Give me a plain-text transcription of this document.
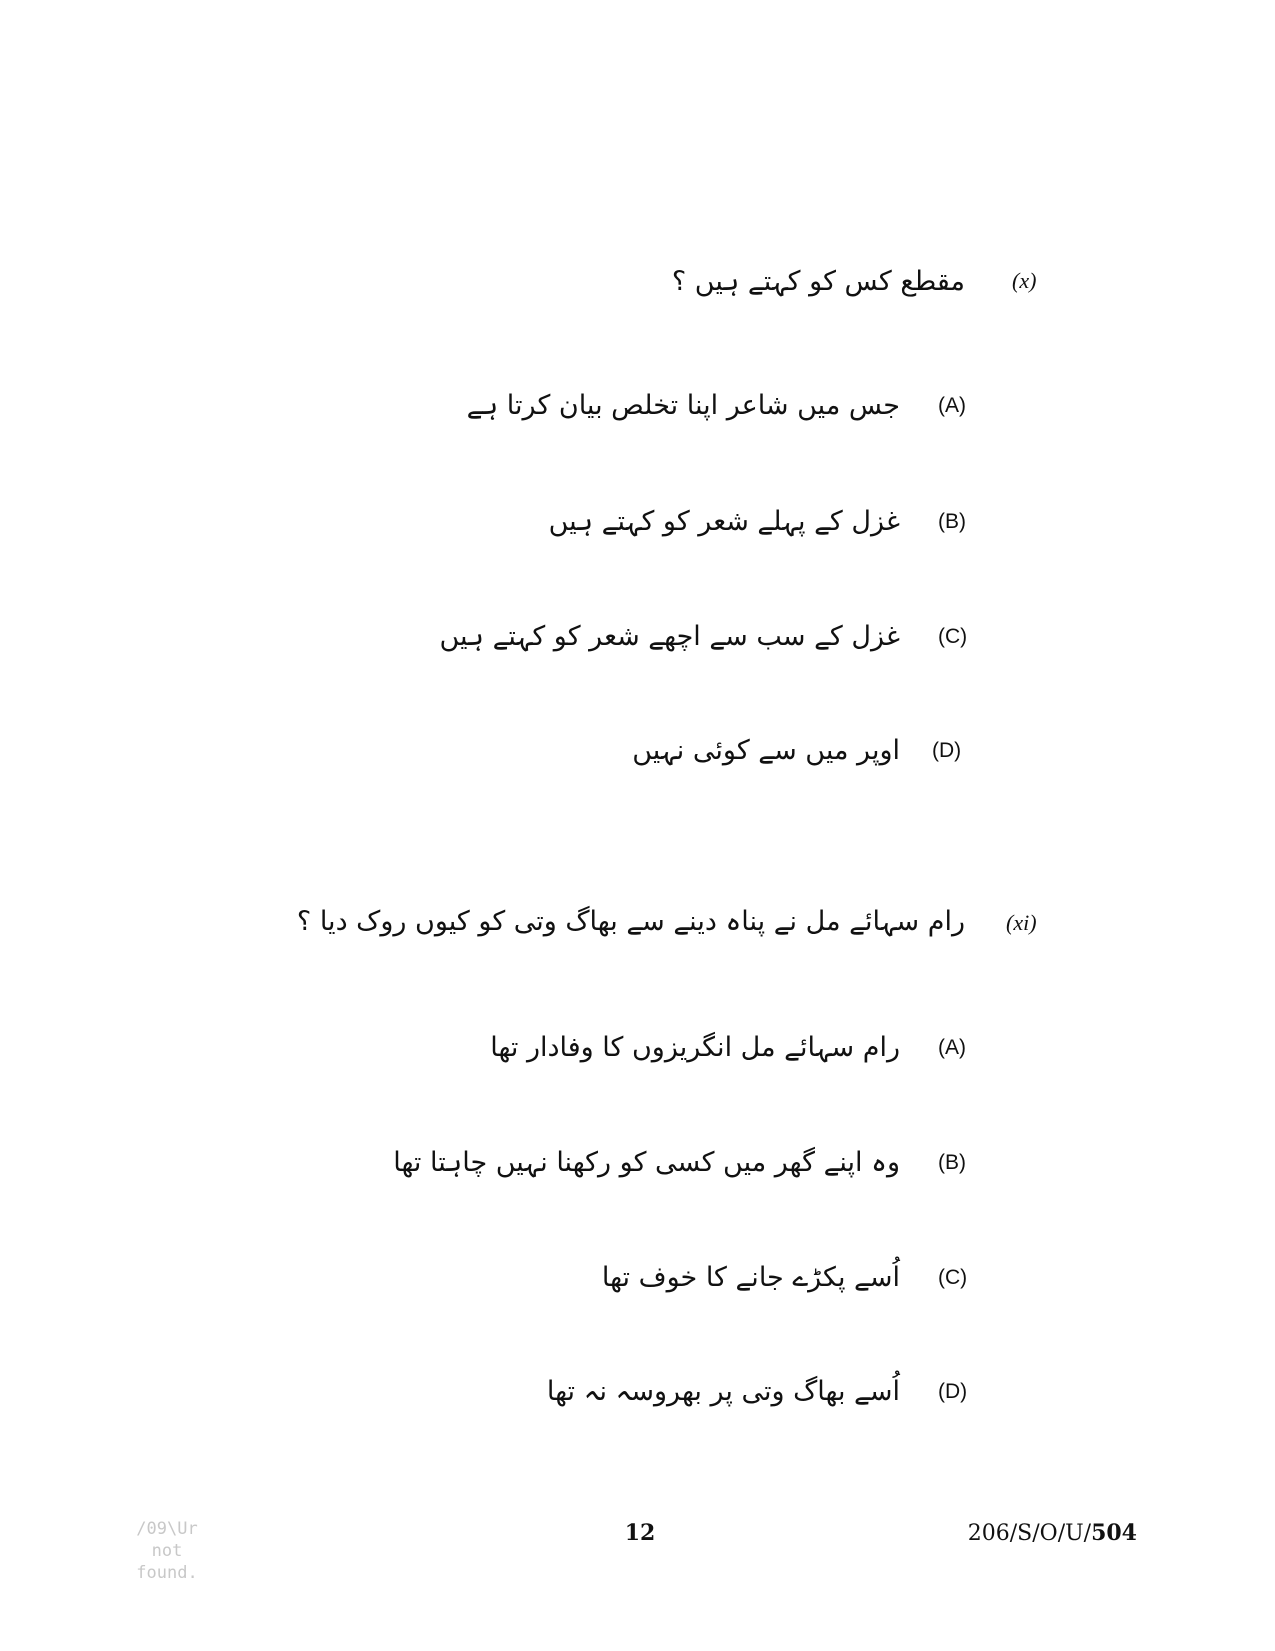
(x)
مقطع کس کو کہتے ہیں ؟
(A)
جس میں شاعر اپنا تخلص بیان کرتا ہے
(B)
غزل کے پہلے شعر کو کہتے ہیں
(C)
غزل کے سب سے اچھے شعر کو کہتے ہیں
(D)
اوپر میں سے کوئی نہیں
(xi)
رام سہائے مل نے پناہ دینے سے بھاگ وتی کو کیوں روک دیا ؟
(A)
رام سہائے مل انگریزوں کا وفادار تھا
(B)
وہ اپنے گھر میں کسی کو رکھنا نہیں چاہتا تھا
(C)
اُسے پکڑے جانے کا خوف تھا
(D)
اُسے بھاگ وتی پر بھروسہ نہ تھا
/09\Ur
not
found.
12	206/S/O/U/504
